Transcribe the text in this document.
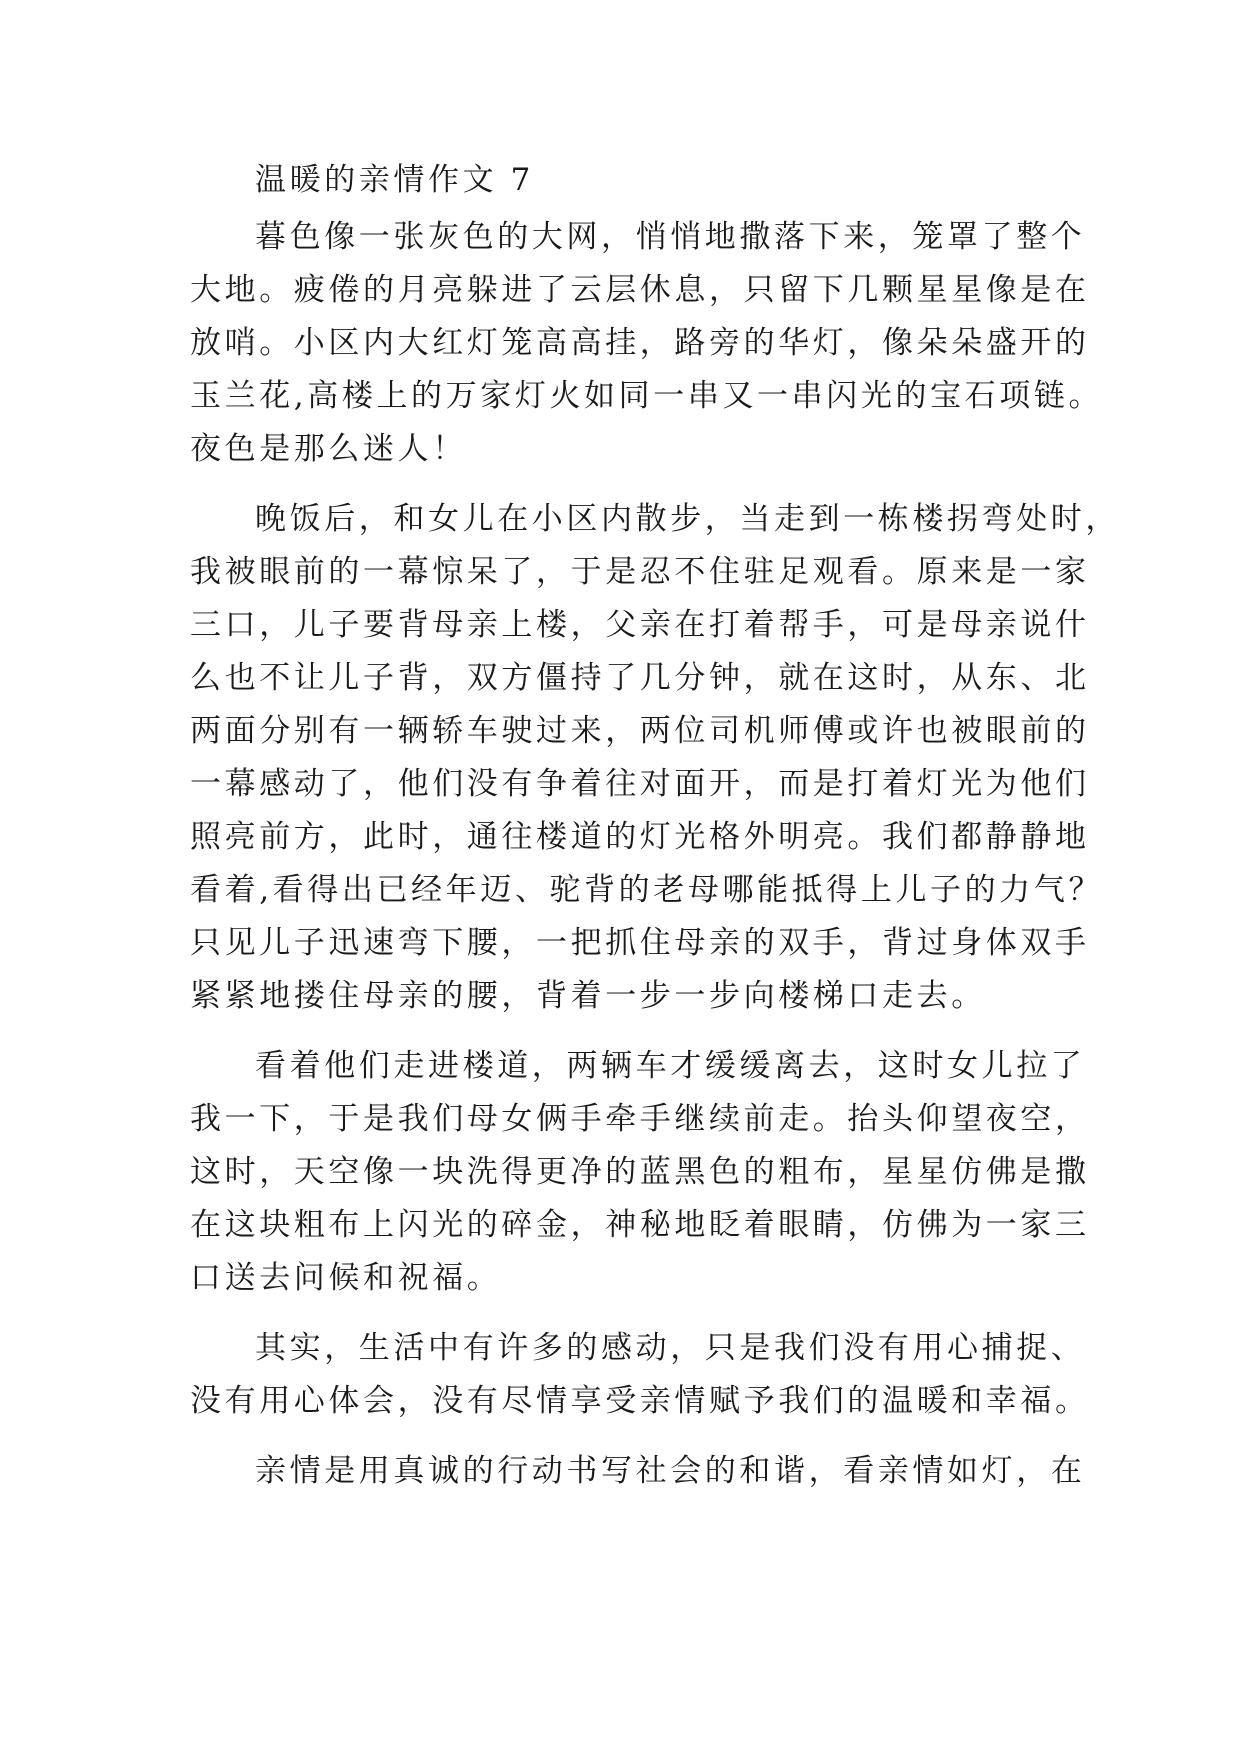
温暖的亲情作文 7
暮色像一张灰色的大网，悄悄地撒落下来，笼罩了整个
大地。疲倦的月亮躲进了云层休息，只留下几颗星星像是在
放哨。小区内大红灯笼高高挂，路旁的华灯，像朵朵盛开的
玉兰花,高楼上的万家灯火如同一串又一串闪光的宝石项链。
夜色是那么迷人！
晚饭后，和女儿在小区内散步，当走到一栋楼拐弯处时，
我被眼前的一幕惊呆了，于是忍不住驻足观看。原来是一家
三口，儿子要背母亲上楼，父亲在打着帮手，可是母亲说什
么也不让儿子背，双方僵持了几分钟，就在这时，从东、北
两面分别有一辆轿车驶过来，两位司机师傅或许也被眼前的
一幕感动了，他们没有争着往对面开，而是打着灯光为他们
照亮前方，此时，通往楼道的灯光格外明亮。我们都静静地
看着,看得出已经年迈、驼背的老母哪能抵得上儿子的力气？
只见儿子迅速弯下腰，一把抓住母亲的双手，背过身体双手
紧紧地搂住母亲的腰，背着一步一步向楼梯口走去。
看着他们走进楼道，两辆车才缓缓离去，这时女儿拉了
我一下，于是我们母女俩手牵手继续前走。抬头仰望夜空，
这时，天空像一块洗得更净的蓝黑色的粗布，星星仿佛是撒
在这块粗布上闪光的碎金，神秘地眨着眼睛，仿佛为一家三
口送去问候和祝福。
其实，生活中有许多的感动，只是我们没有用心捕捉、
没有用心体会，没有尽情享受亲情赋予我们的温暖和幸福。
亲情是用真诚的行动书写社会的和谐，看亲情如灯，在
